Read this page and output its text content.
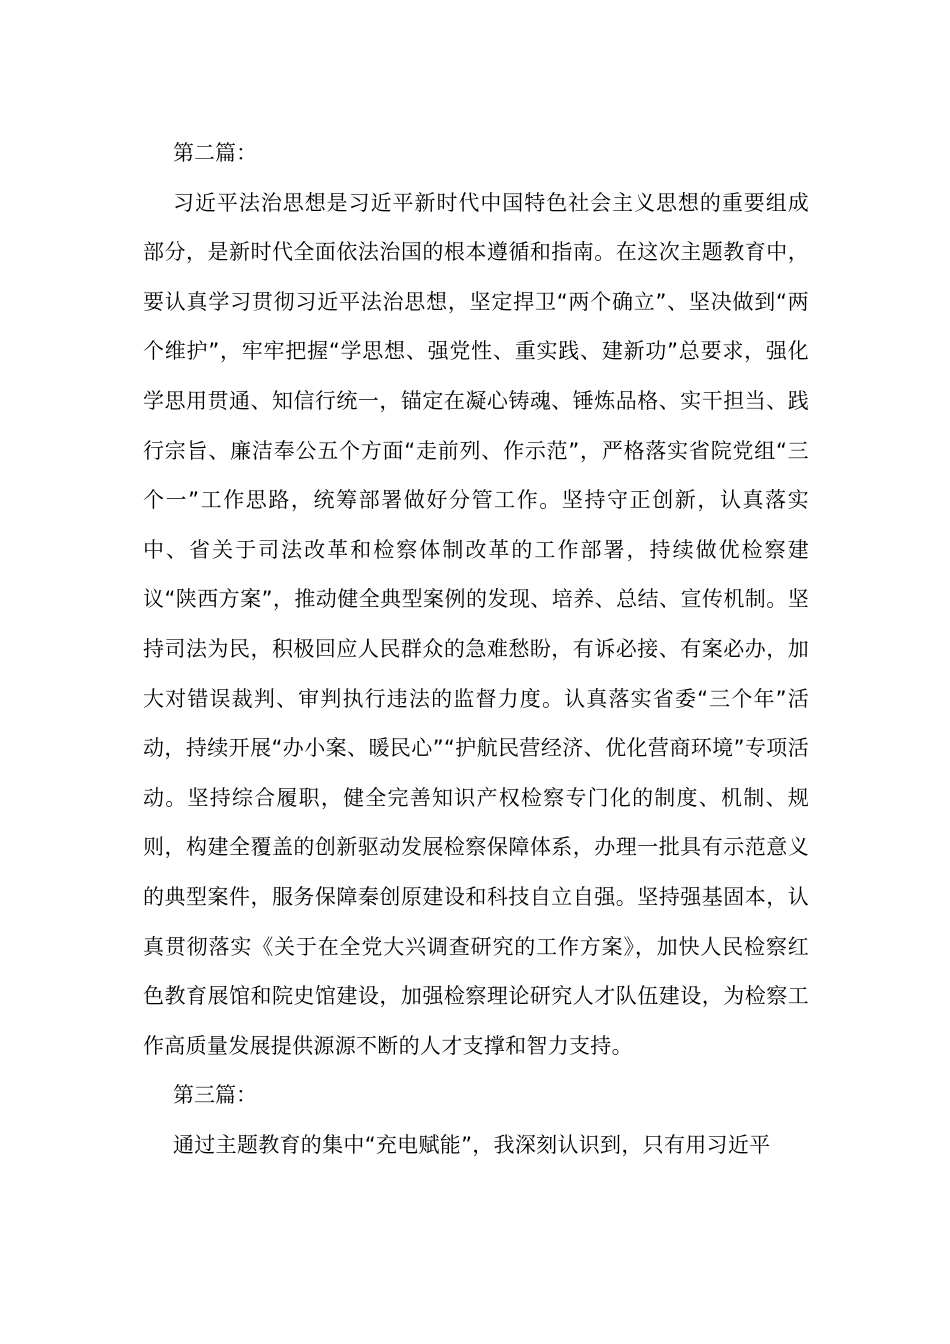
第二篇：

习近平法治思想是习近平新时代中国特色社会主义思想的重要组成部分，是新时代全面依法治国的根本遵循和指南。在这次主题教育中，要认真学习贯彻习近平法治思想，坚定捍卫“两个确立”、坚决做到“两个维护”，牢牢把握“学思想、强党性、重实践、建新功”总要求，强化学思用贯通、知信行统一，锚定在凝心铸魂、锤炼品格、实干担当、践行宗旨、廉洁奉公五个方面“走前列、作示范”，严格落实省院党组“三个一”工作思路，统筹部署做好分管工作。坚持守正创新，认真落实中、省关于司法改革和检察体制改革的工作部署，持续做优检察建议“陕西方案”，推动健全典型案例的发现、培养、总结、宣传机制。坚持司法为民，积极回应人民群众的急难愁盼，有诉必接、有案必办，加大对错误裁判、审判执行违法的监督力度。认真落实省委“三个年”活动，持续开展“办小案、暖民心”“护航民营经济、优化营商环境”专项活动。坚持综合履职，健全完善知识产权检察专门化的制度、机制、规则，构建全覆盖的创新驱动发展检察保障体系，办理一批具有示范意义的典型案件，服务保障秦创原建设和科技自立自强。坚持强基固本，认真贯彻落实《关于在全党大兴调查研究的工作方案》，加快人民检察红色教育展馆和院史馆建设，加强检察理论研究人才队伍建设，为检察工作高质量发展提供源源不断的人才支撑和智力支持。

第三篇：

通过主题教育的集中“充电赋能”，我深刻认识到，只有用习近平
